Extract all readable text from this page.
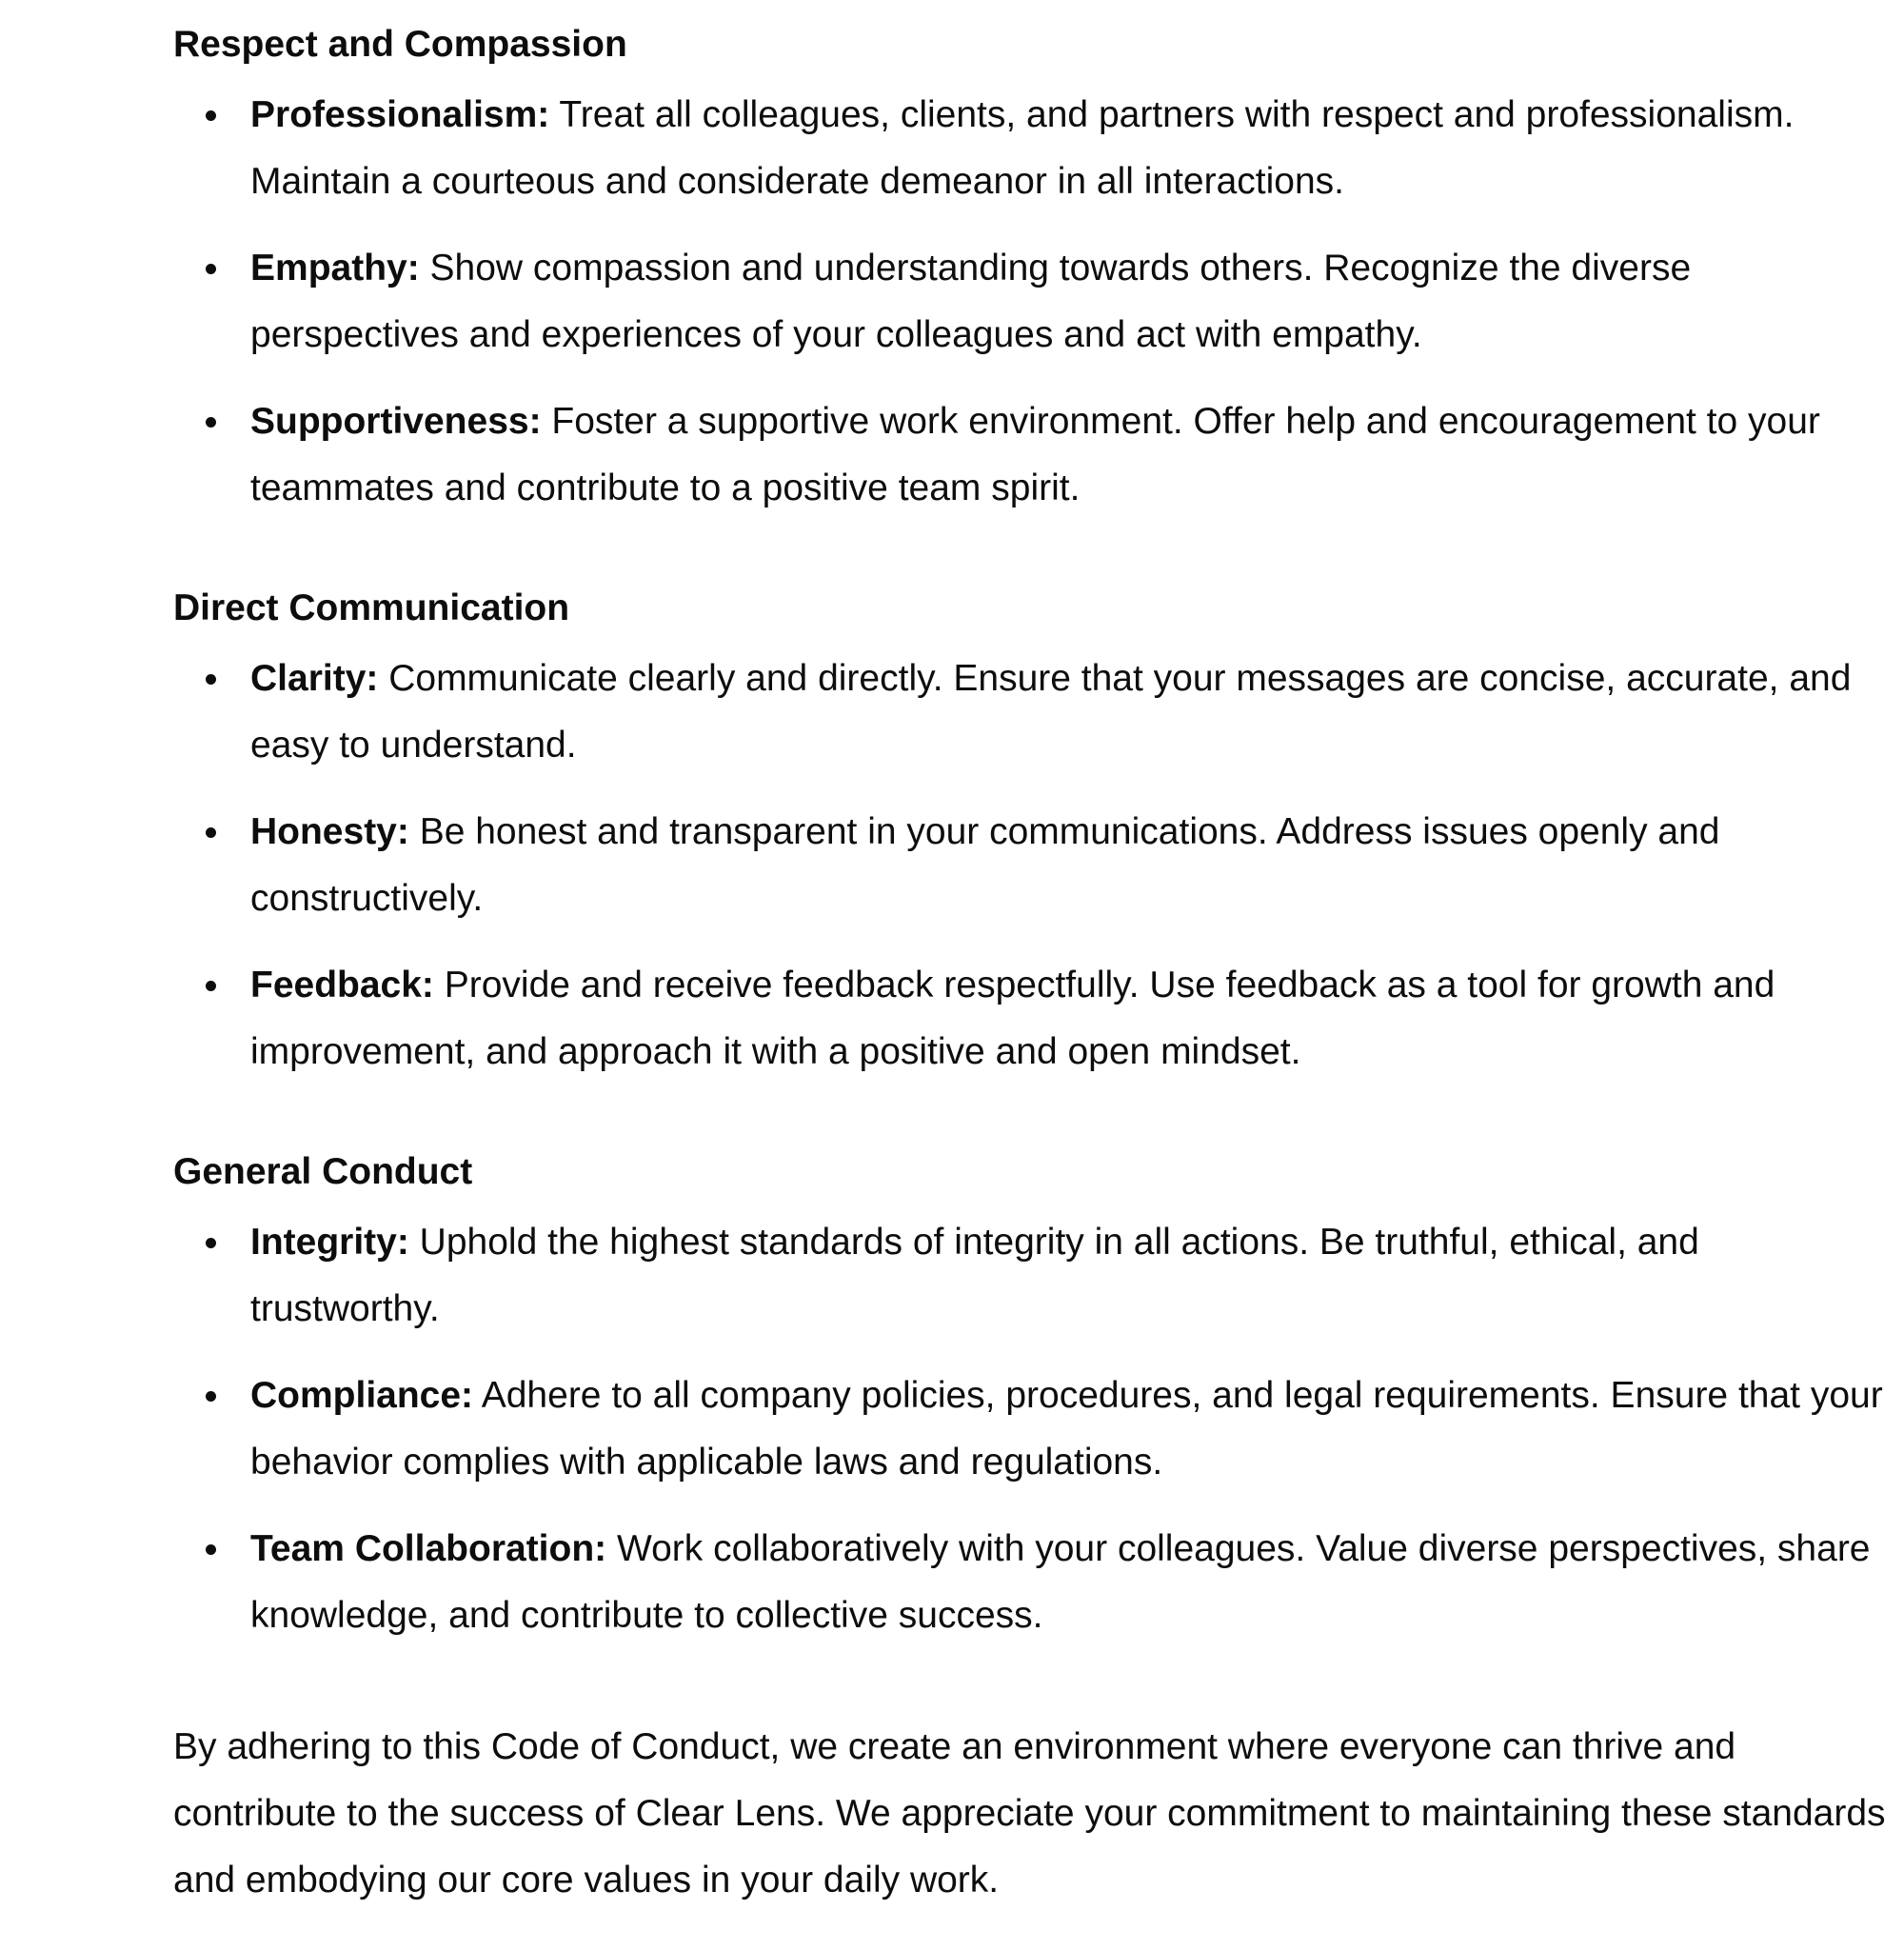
Respect and Compassion
Professionalism: Treat all colleagues, clients, and partners with respect and professionalism. Maintain a courteous and considerate demeanor in all interactions.
Empathy: Show compassion and understanding towards others. Recognize the diverse perspectives and experiences of your colleagues and act with empathy.
Supportiveness: Foster a supportive work environment. Offer help and encouragement to your teammates and contribute to a positive team spirit.
Direct Communication
Clarity: Communicate clearly and directly. Ensure that your messages are concise, accurate, and easy to understand.
Honesty: Be honest and transparent in your communications. Address issues openly and constructively.
Feedback: Provide and receive feedback respectfully. Use feedback as a tool for growth and improvement, and approach it with a positive and open mindset.
General Conduct
Integrity: Uphold the highest standards of integrity in all actions. Be truthful, ethical, and trustworthy.
Compliance: Adhere to all company policies, procedures, and legal requirements. Ensure that your behavior complies with applicable laws and regulations.
Team Collaboration: Work collaboratively with your colleagues. Value diverse perspectives, share knowledge, and contribute to collective success.

By adhering to this Code of Conduct, we create an environment where everyone can thrive and contribute to the success of Clear Lens. We appreciate your commitment to maintaining these standards and embodying our core values in your daily work.
